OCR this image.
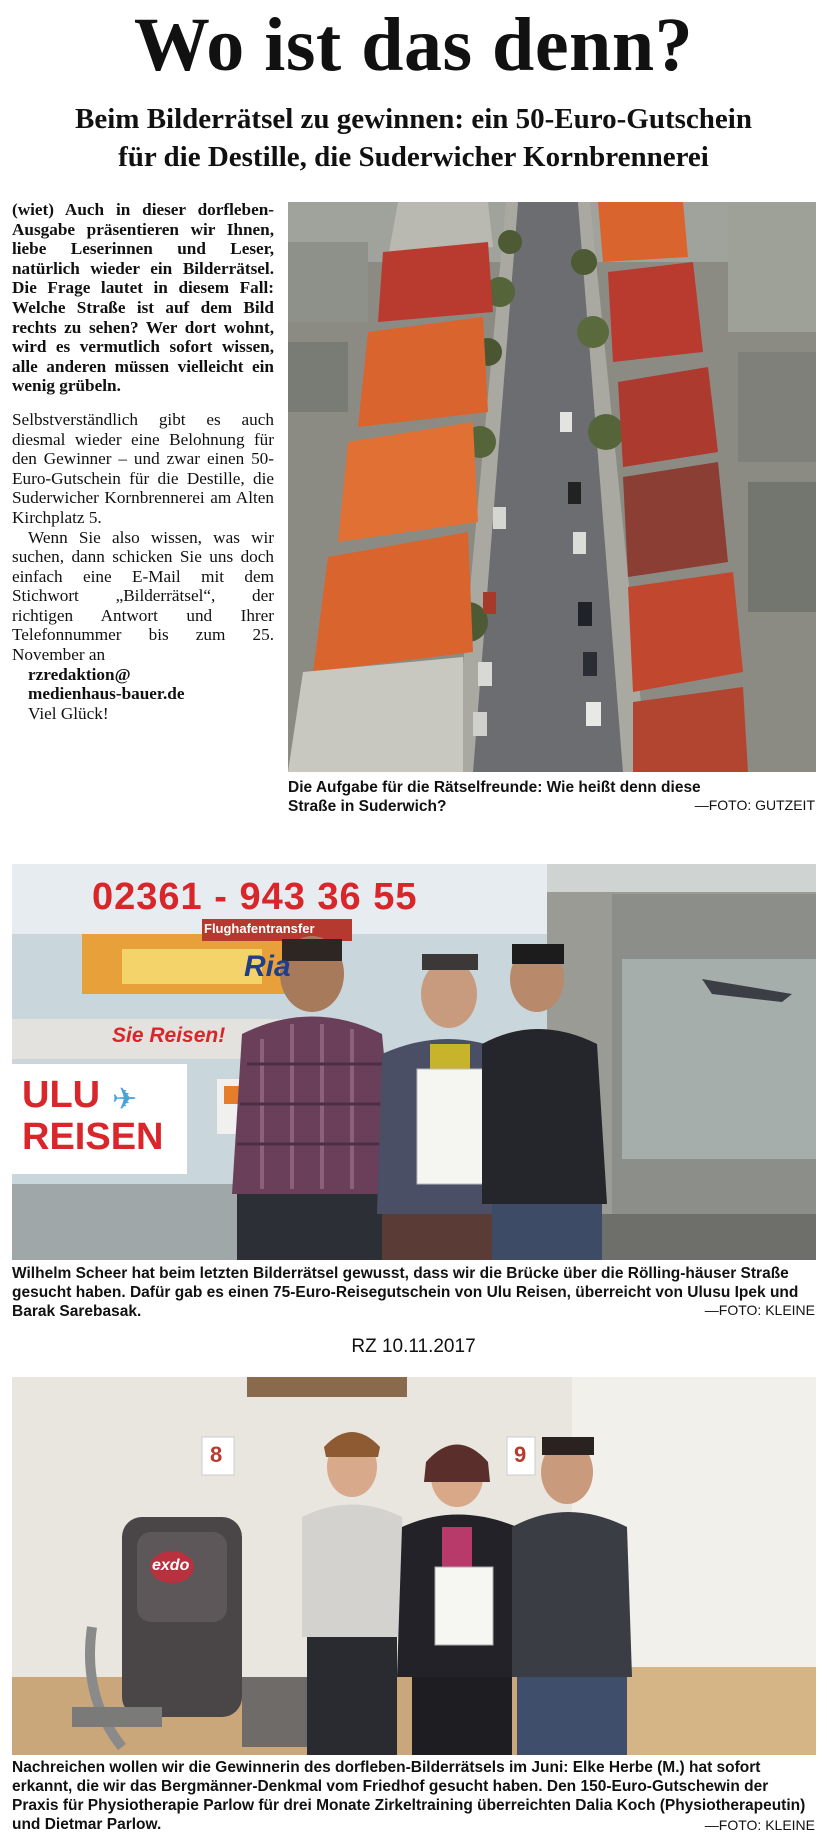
Wo ist das denn?
Beim Bilderrätsel zu gewinnen: ein 50-Euro-Gutschein
für die Destille, die Suderwicher Kornbrennerei

(wiet) Auch in dieser dorfleben-Ausgabe präsentieren wir Ihnen, liebe Leserinnen und Leser, natürlich wieder ein Bilderrätsel. Die Frage lautet in diesem Fall: Welche Straße ist auf dem Bild rechts zu sehen? Wer dort wohnt, wird es vermutlich sofort wissen, alle anderen müssen vielleicht ein wenig grübeln.

Selbstverständlich gibt es auch diesmal wieder eine Belohnung für den Gewinner – und zwar einen 50-Euro-Gutschein für die Destille, die Suderwicher Kornbrennerei am Alten Kirchplatz 5.

Wenn Sie also wissen, was wir suchen, dann schicken Sie uns doch einfach eine E-Mail mit dem Stichwort „Bilderrätsel“, der richtigen Antwort und Ihrer Telefonnummer bis zum 25. November an

rzredaktion@
medienhaus-bauer.de
Viel Glück!
Die Aufgabe für die Rätselfreunde: Wie heißt denn diese Straße in Suderwich?	—FOTO: GUTZEIT
02361 - 943 36 55
Flughafentransfer
Ria
Sie Reisen!
ULU
REISEN
✈
Wilhelm Scheer hat beim letzten Bilderrätsel gewusst, dass wir die Brücke über die Rölling-häuser Straße gesucht haben. Dafür gab es einen 75-Euro-Reisegutschein von Ulu Reisen, überreicht von Ulusu Ipek und Barak Sarebasak.	—FOTO: KLEINE
RZ 10.11.2017
8	9
exdo
Nachreichen wollen wir die Gewinnerin des dorfleben-Bilderrätsels im Juni: Elke Herbe (M.) hat sofort erkannt, die wir das Bergmänner-Denkmal vom Friedhof gesucht haben. Den 150-Euro-Gutschewin der Praxis für Physiotherapie Parlow für drei Monate Zirkeltraining überreichten Dalia Koch (Physiotherapeutin) und Dietmar Parlow.	—FOTO: KLEINE
